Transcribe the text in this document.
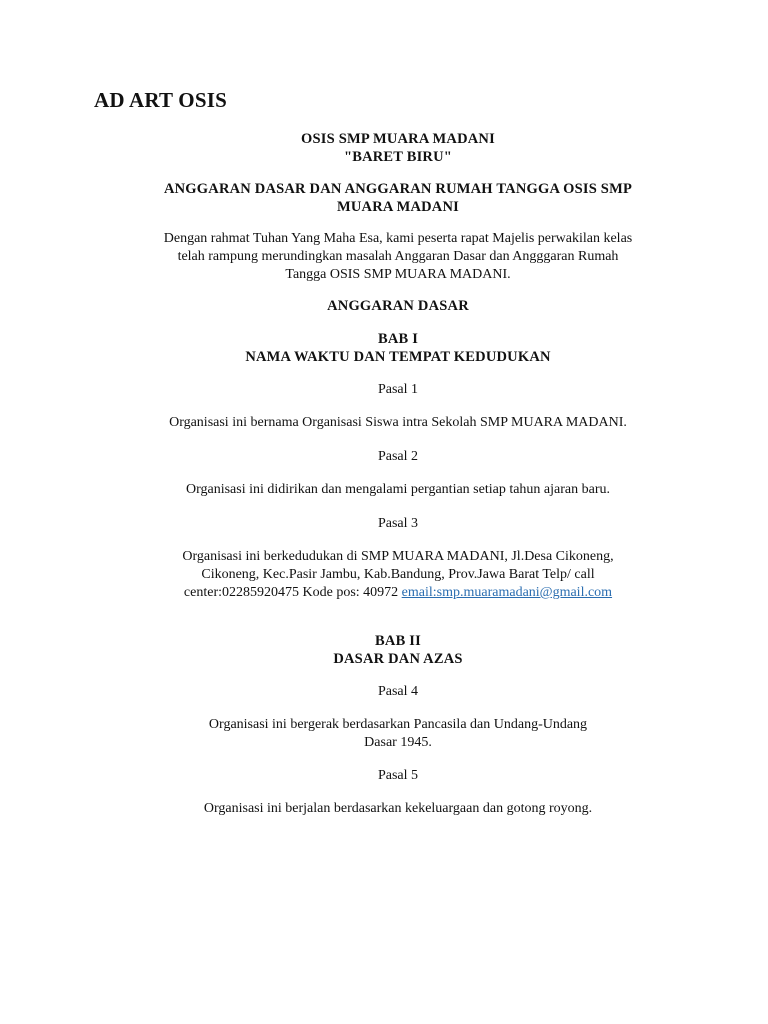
AD ART OSIS
OSIS SMP MUARA MADANI
"BARET BIRU"
ANGGARAN DASAR DAN ANGGARAN RUMAH TANGGA OSIS SMP
MUARA MADANI
Dengan rahmat Tuhan Yang Maha Esa, kami peserta rapat Majelis perwakilan kelas
telah rampung merundingkan masalah Anggaran Dasar dan Angggaran Rumah
Tangga OSIS SMP MUARA MADANI.
ANGGARAN DASAR
BAB I
NAMA WAKTU DAN TEMPAT KEDUDUKAN
Pasal 1
Organisasi ini bernama Organisasi Siswa intra Sekolah SMP MUARA MADANI.
Pasal 2
Organisasi ini didirikan dan mengalami pergantian setiap tahun ajaran baru.
Pasal 3
Organisasi ini berkedudukan di SMP MUARA MADANI, Jl.Desa Cikoneng,
Cikoneng, Kec.Pasir Jambu, Kab.Bandung, Prov.Jawa Barat Telp/ call
center:02285920475 Kode pos: 40972 email:smp.muaramadani@gmail.com
BAB II
DASAR DAN AZAS
Pasal 4
Organisasi ini bergerak berdasarkan Pancasila dan Undang-Undang
Dasar 1945.
Pasal 5
Organisasi ini berjalan berdasarkan kekeluargaan dan gotong royong.
